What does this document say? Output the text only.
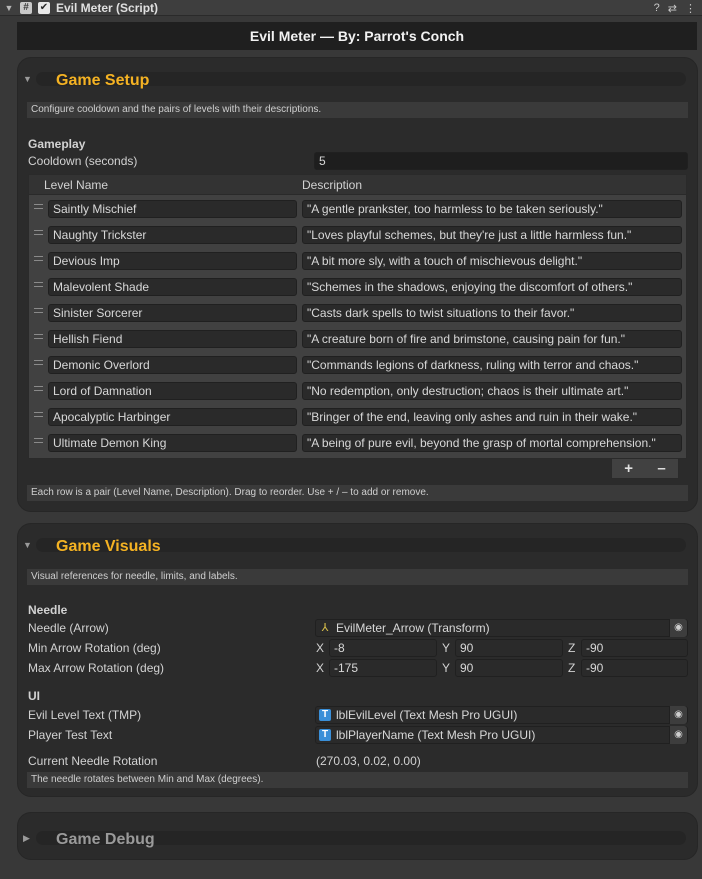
▼ #	✔ Evil Meter (Script)	? ⇄ ⋮
Evil Meter — By: Parrot's Conch
▼ Game Setup
Configure cooldown and the pairs of levels with their descriptions.
Gameplay
Cooldown (seconds)	5
Level Name	Description
Saintly Mischief	"A gentle prankster, too harmless to be taken seriously."
Naughty Trickster	"Loves playful schemes, but they're just a little harmless fun."
Devious Imp	"A bit more sly, with a touch of mischievous delight."
Malevolent Shade	"Schemes in the shadows, enjoying the discomfort of others."
Sinister Sorcerer	"Casts dark spells to twist situations to their favor."
Hellish Fiend	"A creature born of fire and brimstone, causing pain for fun."
Demonic Overlord	"Commands legions of darkness, ruling with terror and chaos."
Lord of Damnation	"No redemption, only destruction; chaos is their ultimate art."
Apocalyptic Harbinger	"Bringer of the end, leaving only ashes and ruin in their wake."
Ultimate Demon King	"A being of pure evil, beyond the grasp of mortal comprehension."
+ –
Each row is a pair (Level Name, Description). Drag to reorder. Use + / – to add or remove.
▼ Game Visuals
Visual references for needle, limits, and labels.
Needle
Needle (Arrow)	⅄ EvilMeter_Arrow (Transform)	◉
Min Arrow Rotation (deg)	X -8	Y 90	Z -90
Max Arrow Rotation (deg)	X -175	Y 90	Z -90
UI
Evil Level Text (TMP)	T lblEvilLevel (Text Mesh Pro UGUI)	◉
Player Test Text	T lblPlayerName (Text Mesh Pro UGUI)	◉
Current Needle Rotation	(270.03, 0.02, 0.00)
The needle rotates between Min and Max (degrees).
▶ Game Debug
